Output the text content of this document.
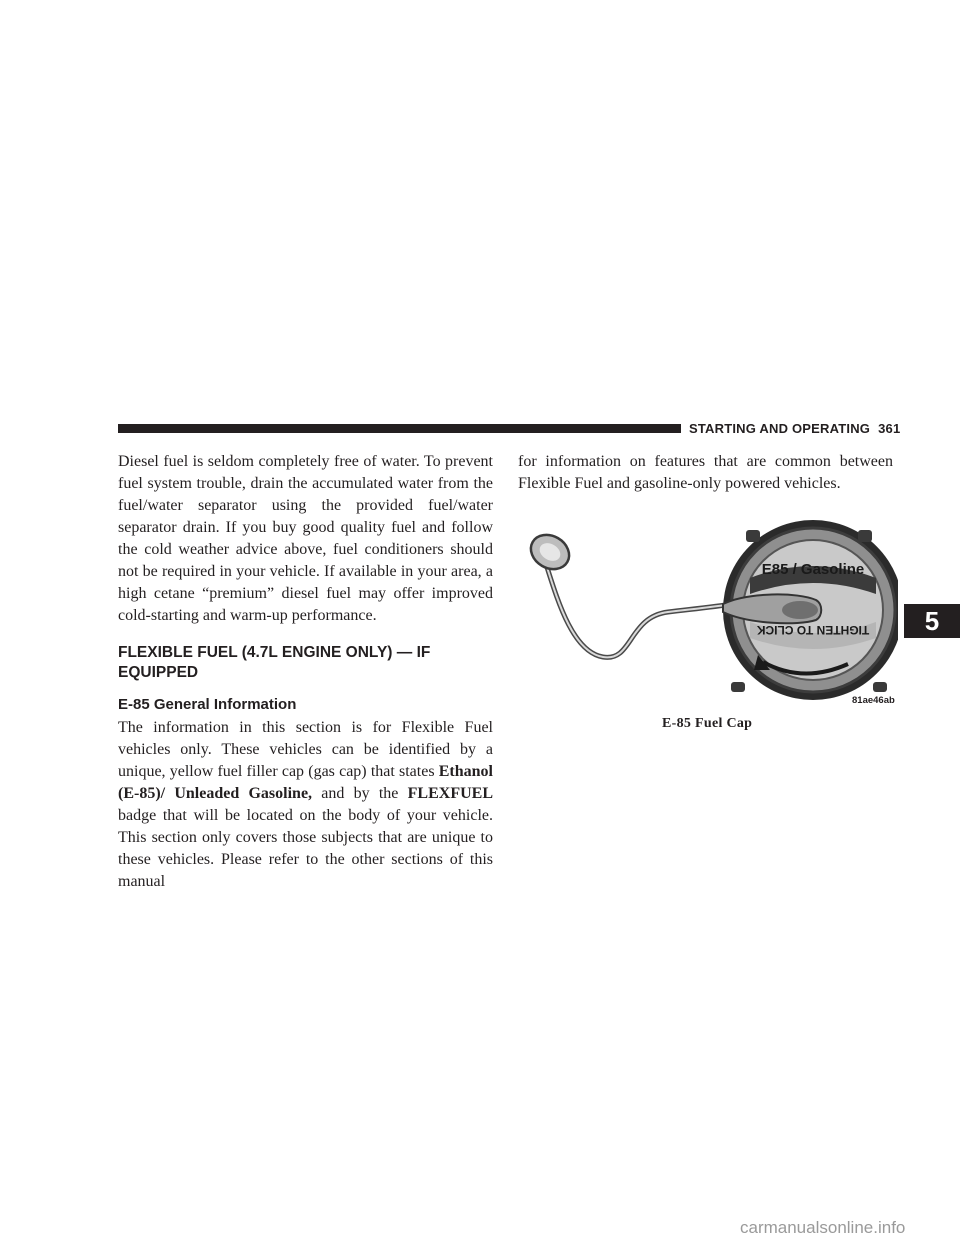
STARTING AND OPERATING 361

Diesel fuel is seldom completely free of water. To prevent fuel system trouble, drain the accumulated water from the fuel/water separator using the provided fuel/water separator drain. If you buy good quality fuel and follow the cold weather advice above, fuel conditioners should not be required in your vehicle. If available in your area, a high cetane “premium” diesel fuel may offer improved cold-starting and warm-up performance.

FLEXIBLE FUEL (4.7L ENGINE ONLY) — IF EQUIPPED
E-85 General Information

The information in this section is for Flexible Fuel vehicles only. These vehicles can be identified by a unique, yellow fuel filler cap (gas cap) that states Ethanol (E-85)/ Unleaded Gasoline, and by the FLEXFUEL badge that will be located on the body of your vehicle. This section only covers those subjects that are unique to these vehicles. Please refer to the other sections of this manual

for information on features that are common between Flexible Fuel and gasoline-only powered vehicles.

E85 / Gasoline
TIGHTEN TO CLICK
81ae46ab
E-85 Fuel Cap
5
carmanualsonline.info
